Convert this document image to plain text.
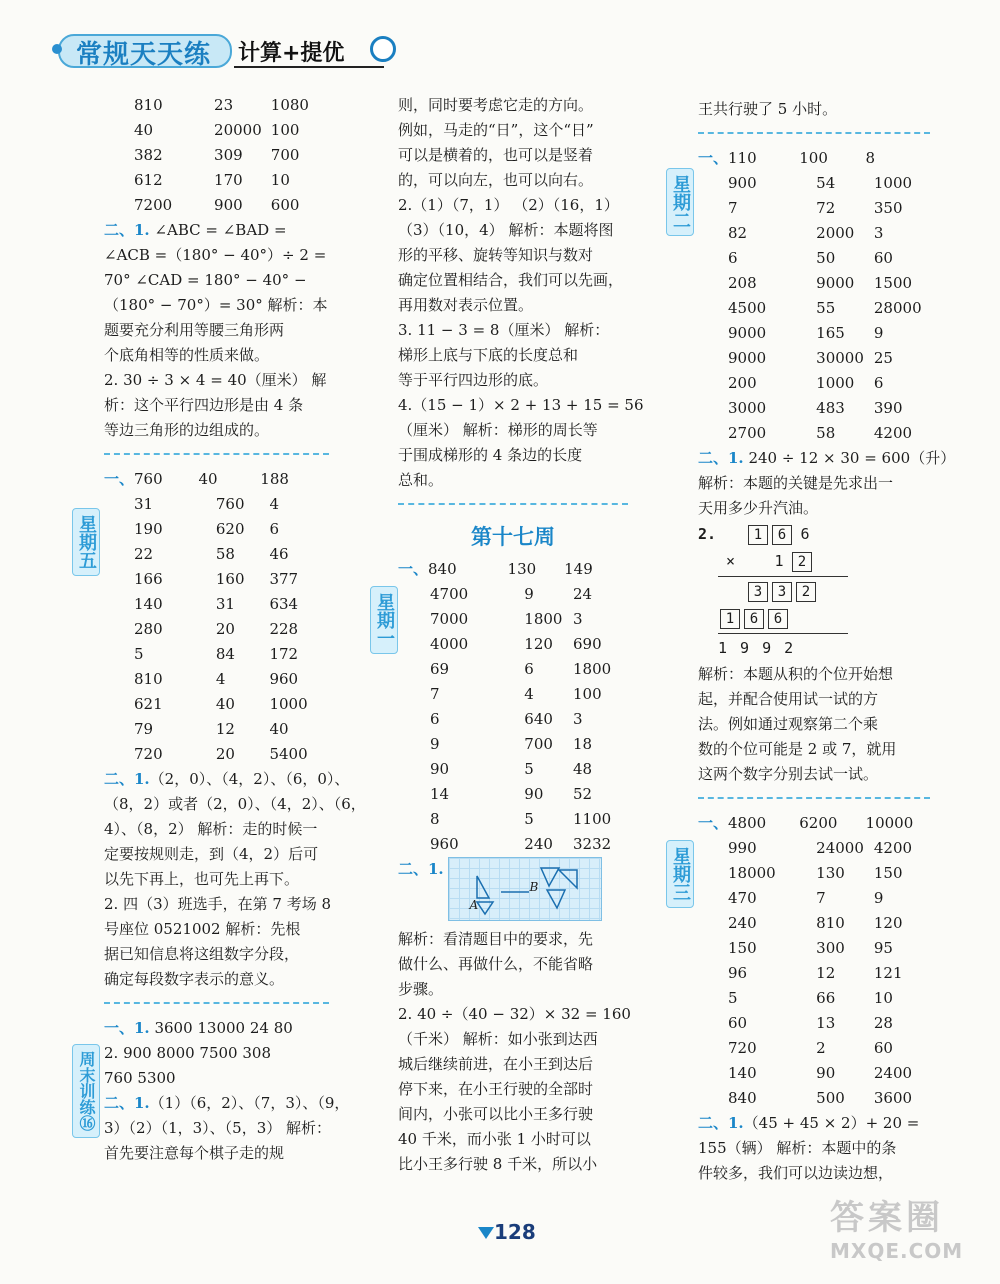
常规天天练 计算+提优
810	23	1080
40	20000 100
382	309	700
612	170	10
7200	900	600
二、1. ∠ABC = ∠BAD =
∠ACB =（180° − 40°）÷ 2 =
70° ∠CAD = 180° − 40° −
（180° − 70°）= 30° 解析：本
题要充分利用等腰三角形两
个底角相等的性质来做。
2. 30 ÷ 3 × 4 = 40（厘米） 解
析：这个平行四边形是由 4 条
等边三角形的边组成的。
一、760	40	188
31	760	4
190	620	6
22	58	46
166	160	377
140	31	634
280	20	228
5	84	172
810	4	960
621	40	1000
79	12	40
720	20	5400
二、1.（2，0）、（4，2）、（6，0）、
（8，2）或者（2，0）、（4，2）、（6，
4）、（8，2） 解析：走的时候一
定要按规则走，到（4，2）后可
以先下再上，也可先上再下。
2. 四（3）班选手，在第 7 考场 8
号座位 0521002 解析：先根
据已知信息将这组数字分段，
确定每段数字表示的意义。
一、1. 3600 13000 24 80
2. 900 8000 7500 308
760 5300
二、1.（1）（6，2）、（7，3）、（9，
3）（2）（1，3）、（5，3） 解析：
首先要注意每个棋子走的规
星期五
周末训练⑯
则，同时要考虑它走的方向。
例如，马走的“日”，这个“日”
可以是横着的，也可以是竖着
的，可以向左，也可以向右。
2.（1）（7，1） （2）（16，1）
（3）（10，4） 解析：本题将图
形的平移、旋转等知识与数对
确定位置相结合，我们可以先画，
再用数对表示位置。
3. 11 − 3 = 8（厘米） 解析：
梯形上底与下底的长度总和
等于平行四边形的底。
4.（15 − 1）× 2 + 13 + 15 = 56
（厘米） 解析：梯形的周长等
于围成梯形的 4 条边的长度
总和。
第十七周
一、840	130	149
4700	9	24
7000	1800 3
4000	120	690
69	6	1800
7	4	100
6	640	3
9	700	18
90	5	48
14	90	52
8	5	1100
960	240	3232
二、1.
A
B
解析：看清题目中的要求，先
做什么、再做什么，不能省略
步骤。
2. 40 ÷（40 − 32）× 32 = 160
（千米） 解析：如小张到达西
城后继续前进，在小王到达后
停下来，在小王行驶的全部时
间内，小张可以比小王多行驶
40 千米，而小张 1 小时可以
比小王多行驶 8 千米，所以小
星期一
王共行驶了 5 小时。
一、110	100	8
900	54	1000
7	72	350
82	2000	3
6	50	60
208	9000	1500
4500	55	28000
9000	165	9
9000	30000 25
200	1000	6
3000	483	390
2700	58	4200
二、1. 240 ÷ 12 × 30 = 600（升）
解析：本题的关键是先求出一
天用多少升汽油。
2.	1	6 6
×	1	2
3	3	2
1	6	6
1 9 9 2
解析：本题从积的个位开始想
起，并配合使用试一试的方
法。例如通过观察第二个乘
数的个位可能是 2 或 7，就用
这两个数字分别去试一试。
一、4800	6200	10000
990	24000 4200
18000	130	150
470	7	9
240	810	120
150	300	95
96	12	121
5	66	10
60	13	28
720	2	60
140	90	2400
840	500	3600
二、1.（45 + 45 × 2）+ 20 =
155（辆） 解析：本题中的条
件较多，我们可以边读边想，
星期二
星期三
128	答案圈
MXQE.COM
